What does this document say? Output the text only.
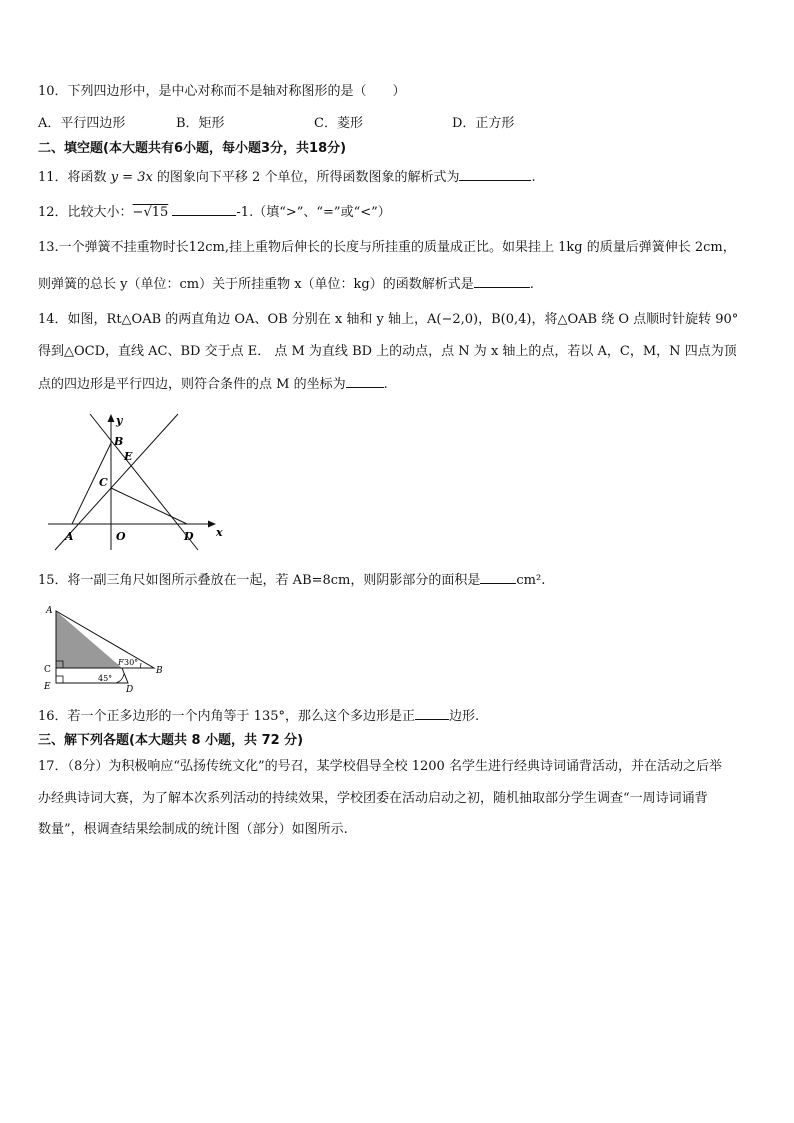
10．下列四边形中，是中心对称而不是轴对称图形的是（　　）
A．平行四边形	B．矩形	C．菱形	D．正方形
二、填空题(本大题共有6小题，每小题3分，共18分)
11．将函数 y = 3x 的图象向下平移 2 个单位，所得函数图象的解析式为	.
12．比较大小：−√15	-1.（填“>”、“=”或“<”）
13.一个弹簧不挂重物时长12cm,挂上重物后伸长的长度与所挂重的质量成正比。如果挂上 1kg 的质量后弹簧伸长 2cm，
则弹簧的总长 y（单位：cm）关于所挂重物 x（单位：kg）的函数解析式是	.
14．如图，Rt△OAB 的两直角边 OA、OB 分别在 x 轴和 y 轴上，A(−2,0)，B(0,4)，将△OAB 绕 O 点顺时针旋转 90°
得到△OCD，直线 AC、BD 交于点 E． 点 M 为直线 BD 上的动点，点 N 为 x 轴上的点，若以 A，C，M，N 四点为顶
点的四边形是平行四边，则符合条件的点 M 的坐标为	.
y
x
B
E
C
A	O	D
15．将一副三角尺如图所示叠放在一起，若 AB=8cm，则阴影部分的面积是	cm².
A
C
E
F 30°
B
45°
D
16．若一个正多边形的一个内角等于 135°，那么这个多边形是正	边形.
三、解下列各题(本大题共 8 小题，共 72 分)
17．（8分）为积极响应“弘扬传统文化”的号召，某学校倡导全校 1200 名学生进行经典诗词诵背活动，并在活动之后举
办经典诗词大赛，为了解本次系列活动的持续效果，学校团委在活动启动之初，随机抽取部分学生调查“一周诗词诵背
数量”，根调查结果绘制成的统计图（部分）如图所示.
